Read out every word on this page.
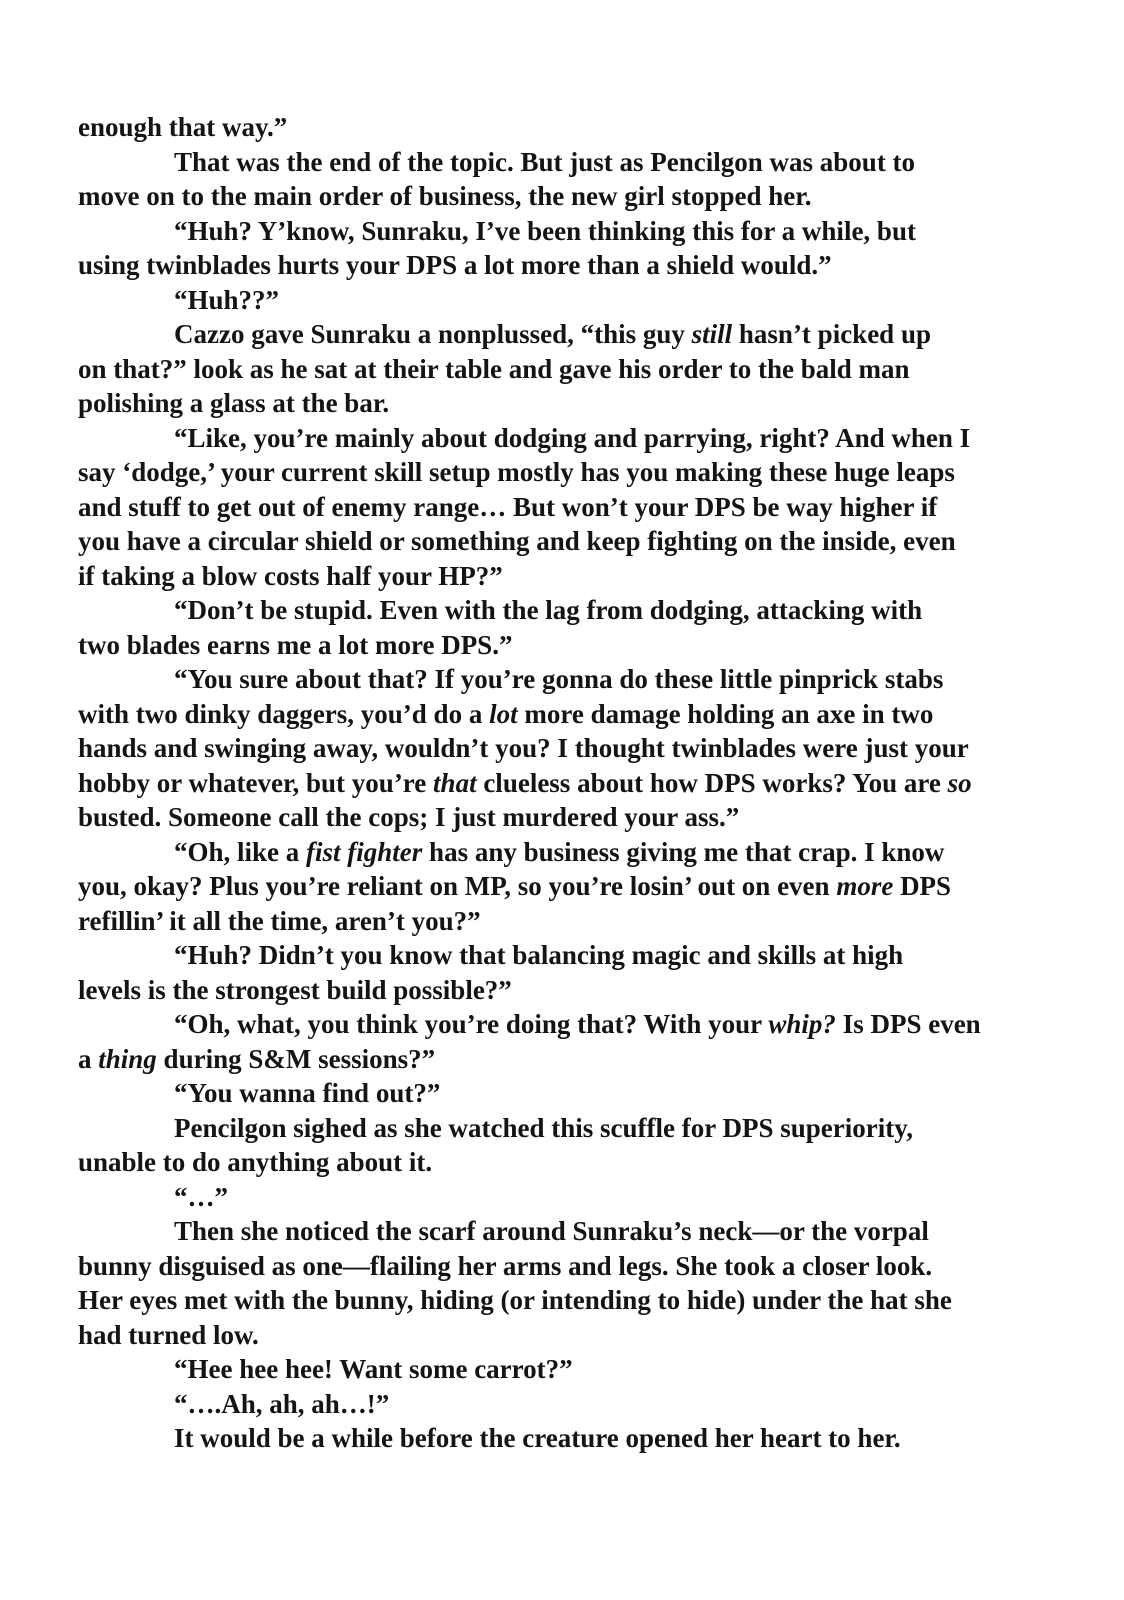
enough that way.”
That was the end of the topic. But just as Pencilgon was about to
move on to the main order of business, the new girl stopped her.
“Huh? Y’know, Sunraku, I’ve been thinking this for a while, but
using twinblades hurts your DPS a lot more than a shield would.”
“Huh??”
Cazzo gave Sunraku a nonplussed, “this guy still hasn’t picked up
on that?” look as he sat at their table and gave his order to the bald man
polishing a glass at the bar.
“Like, you’re mainly about dodging and parrying, right? And when I
say ‘dodge,’ your current skill setup mostly has you making these huge leaps
and stuff to get out of enemy range… But won’t your DPS be way higher if
you have a circular shield or something and keep fighting on the inside, even
if taking a blow costs half your HP?”
“Don’t be stupid. Even with the lag from dodging, attacking with
two blades earns me a lot more DPS.”
“You sure about that? If you’re gonna do these little pinprick stabs
with two dinky daggers, you’d do a lot more damage holding an axe in two
hands and swinging away, wouldn’t you? I thought twinblades were just your
hobby or whatever, but you’re that clueless about how DPS works? You are so
busted. Someone call the cops; I just murdered your ass.”
“Oh, like a fist fighter has any business giving me that crap. I know
you, okay? Plus you’re reliant on MP, so you’re losin’ out on even more DPS
refillin’ it all the time, aren’t you?”
“Huh? Didn’t you know that balancing magic and skills at high
levels is the strongest build possible?”
“Oh, what, you think you’re doing that? With your whip? Is DPS even
a thing during S&M sessions?”
“You wanna find out?”
Pencilgon sighed as she watched this scuffle for DPS superiority,
unable to do anything about it.
“…”
Then she noticed the scarf around Sunraku’s neck—or the vorpal
bunny disguised as one—flailing her arms and legs. She took a closer look.
Her eyes met with the bunny, hiding (or intending to hide) under the hat she
had turned low.
“Hee hee hee! Want some carrot?”
“….Ah, ah, ah…!”
It would be a while before the creature opened her heart to her.
